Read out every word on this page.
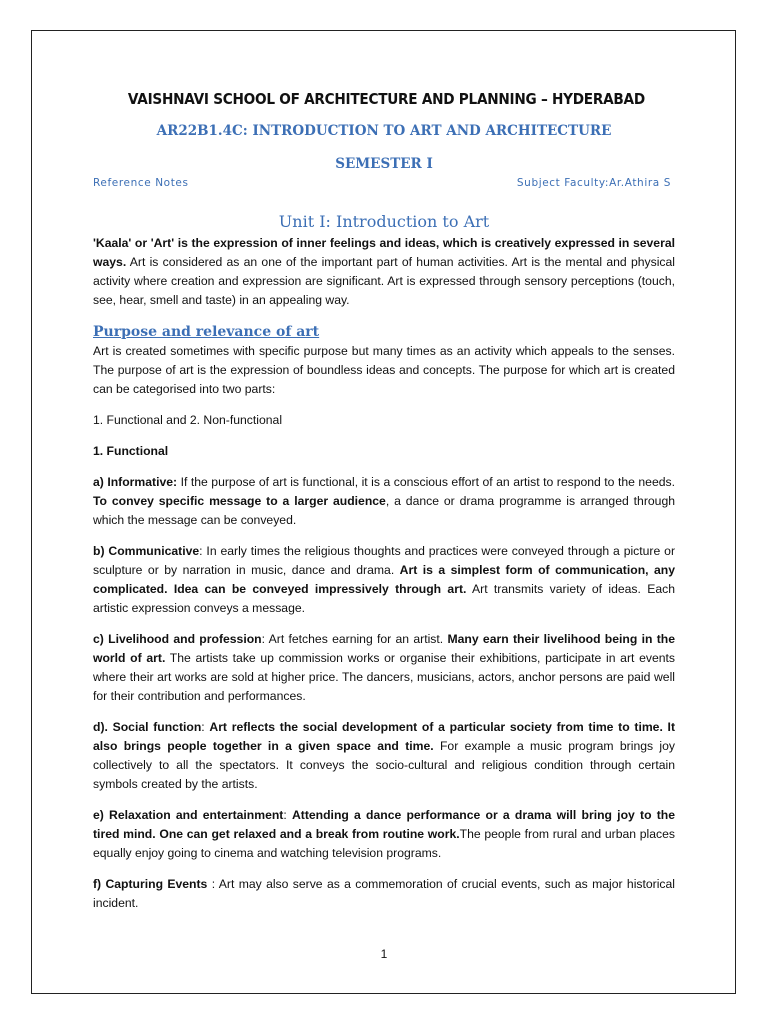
VAISHNAVI SCHOOL OF ARCHITECTURE AND PLANNING – HYDERABAD
AR22B1.4C: INTRODUCTION TO ART AND ARCHITECTURE
SEMESTER I
Reference Notes	Subject Faculty:Ar.Athira S
Unit I: Introduction to Art

'Kaala' or 'Art' is the expression of inner feelings and ideas, which is creatively expressed in several ways. Art is considered as an one of the important part of human activities. Art is the mental and physical activity where creation and expression are significant. Art is expressed through sensory perceptions (touch, see, hear, smell and taste) in an appealing way.

Purpose and relevance of art

Art is created sometimes with specific purpose but many times as an activity which appeals to the senses. The purpose of art is the expression of boundless ideas and concepts. The purpose for which art is created can be categorised into two parts:

1. Functional and 2. Non-functional

1. Functional

a) Informative: If the purpose of art is functional, it is a conscious effort of an artist to respond to the needs. To convey specific message to a larger audience, a dance or drama programme is arranged through which the message can be conveyed.

b) Communicative: In early times the religious thoughts and practices were conveyed through a picture or sculpture or by narration in music, dance and drama. Art is a simplest form of communication, any complicated. Idea can be conveyed impressively through art. Art transmits variety of ideas. Each artistic expression conveys a message.

c) Livelihood and profession: Art fetches earning for an artist. Many earn their livelihood being in the world of art. The artists take up commission works or organise their exhibitions, participate in art events where their art works are sold at higher price. The dancers, musicians, actors, anchor persons are paid well for their contribution and performances.

d). Social function: Art reflects the social development of a particular society from time to time. It also brings people together in a given space and time. For example a music program brings joy collectively to all the spectators. It conveys the socio-cultural and religious condition through certain symbols created by the artists.

e) Relaxation and entertainment: Attending a dance performance or a drama will bring joy to the tired mind. One can get relaxed and a break from routine work.The people from rural and urban places equally enjoy going to cinema and watching television programs.

f) Capturing Events : Art may also serve as a commemoration of crucial events, such as major historical incident.

1
